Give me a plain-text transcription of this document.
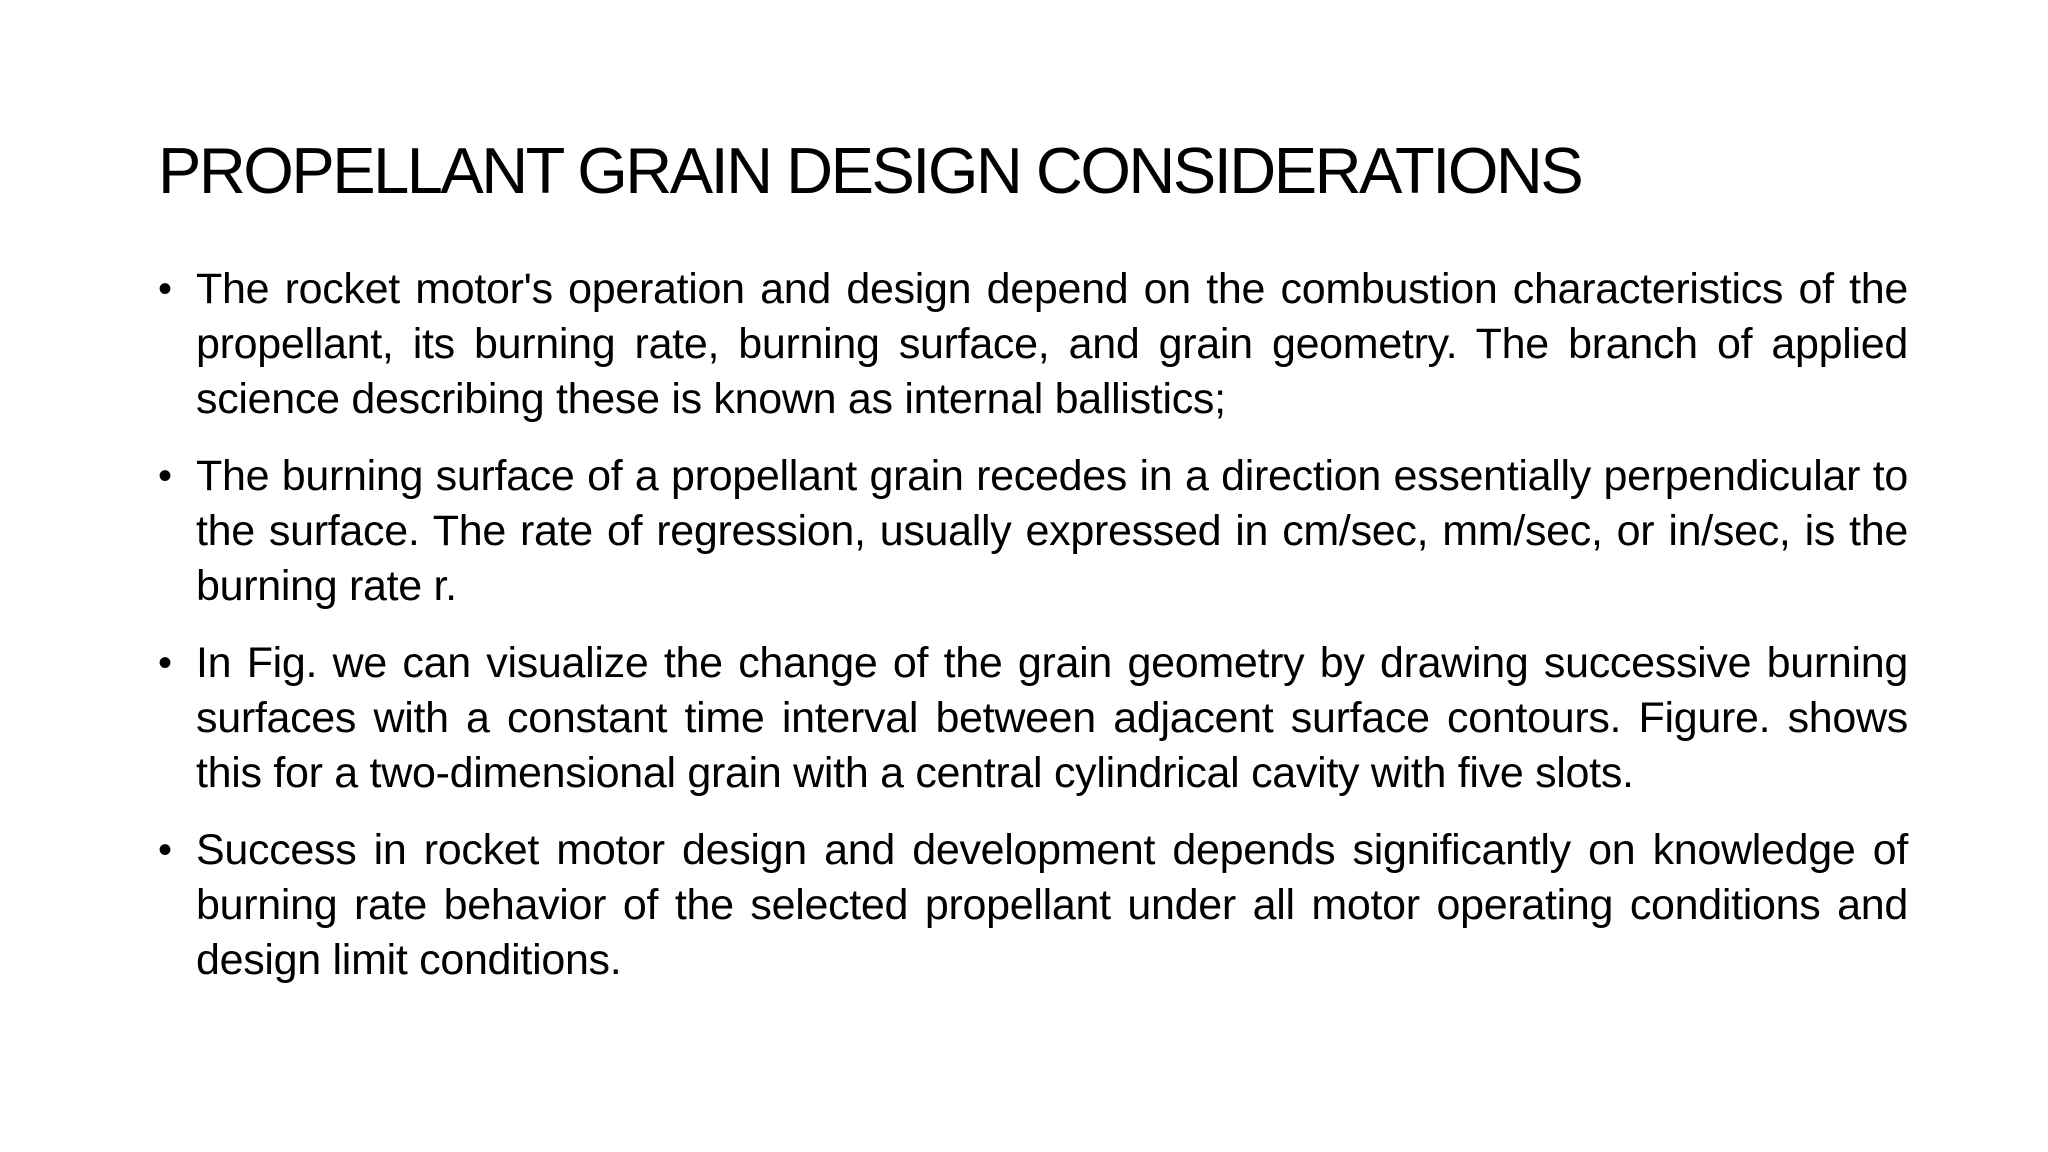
PROPELLANT GRAIN DESIGN CONSIDERATIONS
• The rocket motor's operation and design depend on the combustion characteristics of the propellant, its burning rate, burning surface, and grain geometry. The branch of applied science describing these is known as internal ballistics;
• The burning surface of a propellant grain recedes in a direction essentially perpendicular to the surface. The rate of regression, usually expressed in cm/sec, mm/sec, or in/sec, is the burning rate r.
• In Fig. we can visualize the change of the grain geometry by drawing successive burning surfaces with a constant time interval between adjacent surface contours. Figure. shows this for a two-dimensional grain with a central cylindrical cavity with five slots.
• Success in rocket motor design and development depends significantly on knowledge of burning rate behavior of the selected propellant under all motor operating conditions and design limit conditions.
